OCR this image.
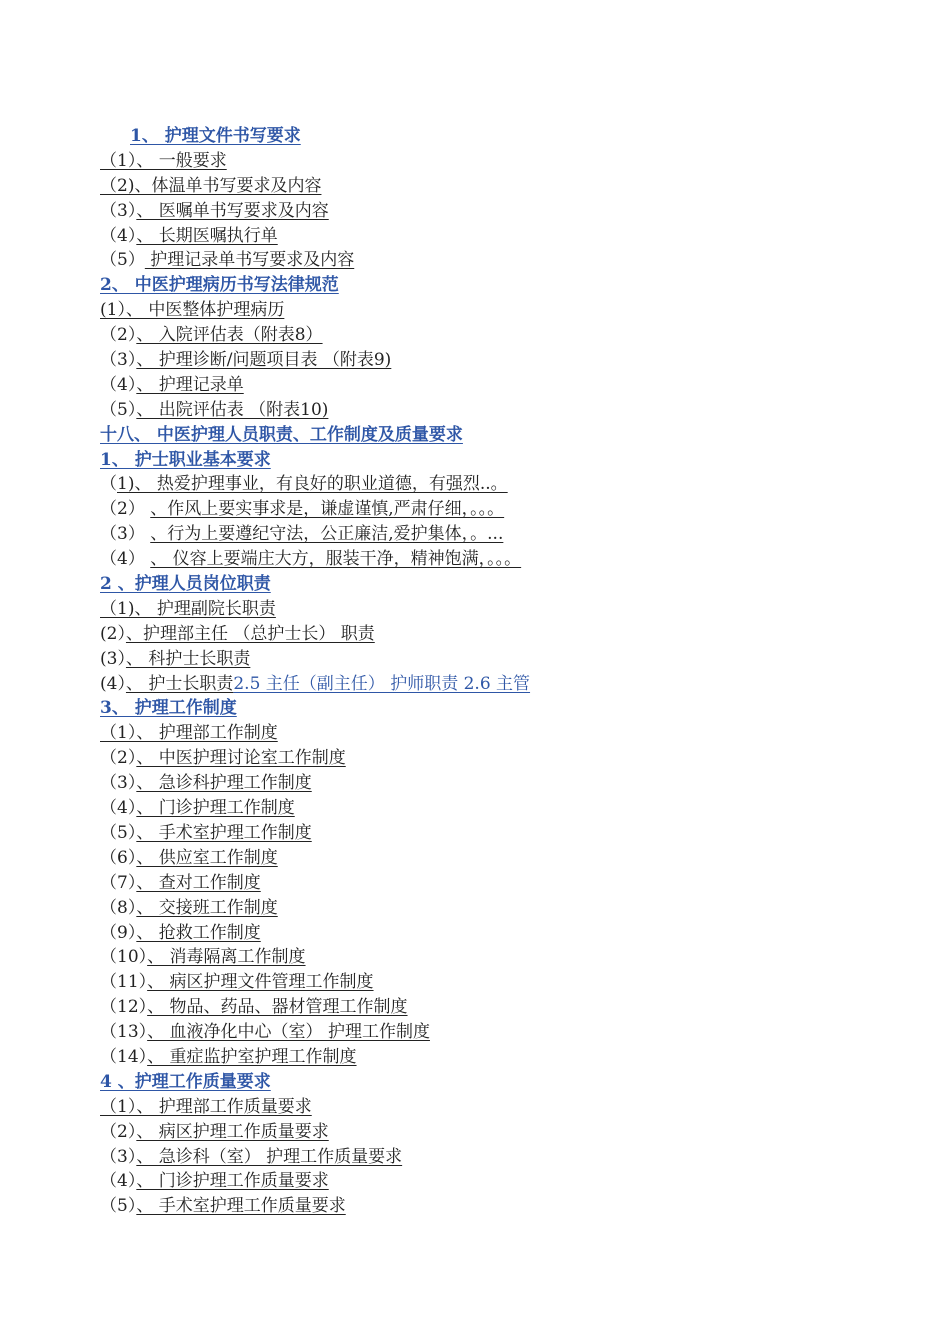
1、 护理文件书写要求
（1）、 一般要求
（2)、体温单书写要求及内容
（3）、 医嘱单书写要求及内容
（4）、 长期医嘱执行单
（5） 护理记录单书写要求及内容
2、 中医护理病历书写法律规范
(1）、 中医整体护理病历
（2）、 入院评估表（附表8）
（3）、 护理诊断/问题项目表 （附表9)
（4）、 护理记录单
（5）、 出院评估表 （附表10)
十八、 中医护理人员职责、工作制度及质量要求
1、 护士职业基本要求
（1)、 热爱护理事业，有良好的职业道德，有强烈..。
（2） 、作风上要实事求是，谦虚谨慎,严肃仔细，。。。
（3） 、行为上要遵纪守法，公正廉洁,爱护集体，。...
（4） 、 仪容上要端庄大方，服装干净，精神饱满，。。。
2 、护理人员岗位职责
（1)、 护理副院长职责
(2）、护理部主任 （总护士长） 职责
(3）、 科护士长职责
(4）、 护士长职责2.5 主任（副主任） 护师职责 2.6 主管
3、 护理工作制度
（1）、 护理部工作制度
（2）、 中医护理讨论室工作制度
（3）、 急诊科护理工作制度
（4）、 门诊护理工作制度
（5）、 手术室护理工作制度
（6）、 供应室工作制度
（7）、 查对工作制度
（8）、 交接班工作制度
（9）、 抢救工作制度
（10）、 消毒隔离工作制度
（11）、 病区护理文件管理工作制度
（12）、 物品、药品、器材管理工作制度
（13）、 血液净化中心（室） 护理工作制度
（14）、 重症监护室护理工作制度
4 、护理工作质量要求
（1）、 护理部工作质量要求
（2）、 病区护理工作质量要求
（3）、 急诊科（室） 护理工作质量要求
（4）、 门诊护理工作质量要求
（5）、 手术室护理工作质量要求
